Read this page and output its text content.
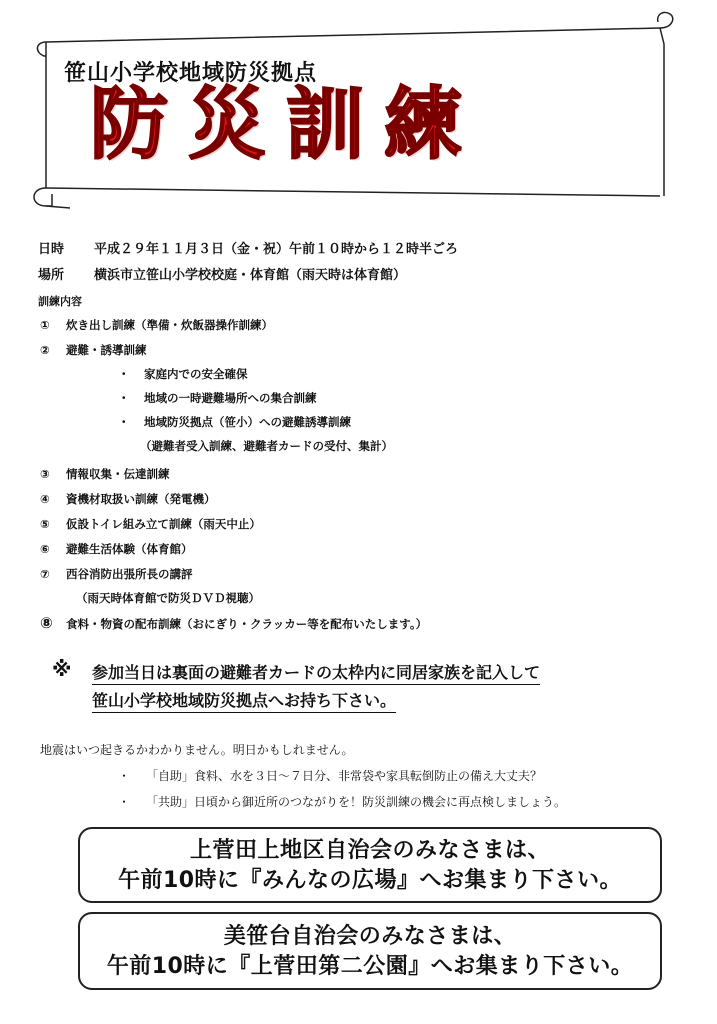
笹山小学校地域防災拠点
防災訓練
日時 平成２９年１１月３日（金・祝）午前１０時から１２時半ごろ
場所 横浜市立笹山小学校校庭・体育館（雨天時は体育館）
訓練内容
① 炊き出し訓練（準備・炊飯器操作訓練）
② 避難・誘導訓練
・ 家庭内での安全確保
・ 地域の一時避難場所への集合訓練
・ 地域防災拠点（笹小）への避難誘導訓練
（避難者受入訓練、避難者カードの受付、集計）
③ 情報収集・伝達訓練
④ 資機材取扱い訓練（発電機）
⑤ 仮設トイレ組み立て訓練（雨天中止）
⑥ 避難生活体験（体育館）
⑦ 西谷消防出張所長の講評
（雨天時体育館で防災ＤＶＤ視聴）
⑧ 食料・物資の配布訓練（おにぎり・クラッカー等を配布いたします。）
※ 参加当日は裏面の避難者カードの太枠内に同居家族を記入して
笹山小学校地域防災拠点へお持ち下さい。
地震はいつ起きるかわかりません。明日かもしれません。
・ 「自助」食料、水を３日～７日分、非常袋や家具転倒防止の備え大丈夫？
・ 「共助」日頃から御近所のつながりを！防災訓練の機会に再点検しましょう。
上菅田上地区自治会のみなさまは、
午前10時に『みんなの広場』へお集まり下さい。
美笹台自治会のみなさまは、
午前10時に『上菅田第二公園』へお集まり下さい。
